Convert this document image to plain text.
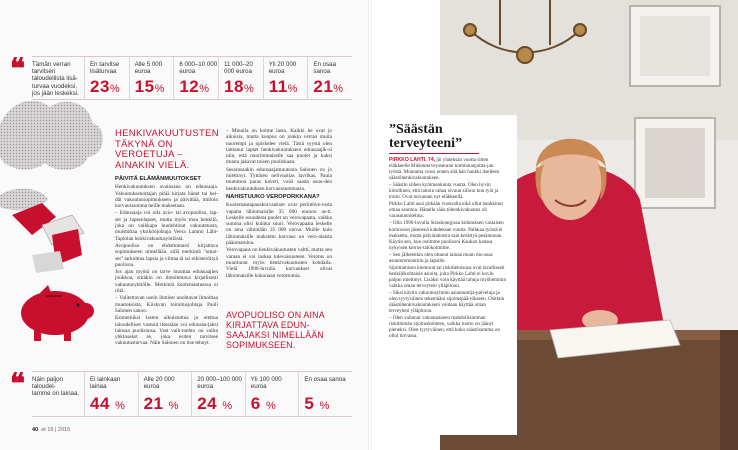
❝ Tämän verran
tarvitsen
taloudellista lisä-
turvaa vuodeksi,
jos jään leskeksi.
En tarvitse lisäturvaa
23%
Alle 5 000 euroa
15%
6 000–10 000 euroa
12%
11 000–20 000 euroa
18%
Yli 20 000 euroa
11%
En osaa sanoa
21%
HENKIVAKUUTUSTEN TÄKYNÄ ON VEROETUJA – AINAKIN VIELÄ.
PÄIVITÄ ELÄMÄNMUUTOKSET

Henkivakuutuksen avainsana on edunsaaja. Vakuutuksenottajan pitää kirjata hänet tai hei-dät vakuutussopimukseen ja päivittää, milloin korvaussumma heille maksetaan.

– Edunsaaja voi olla avio- tai avopuoliso, lap-set ja lapsenlapset, mutta myös muu henkilö, joka on vaikkapa huolehtinut vakuutetusta, muistuttaa yksikönjohtaja Veera Lammi Lähi-Tapiolan henkivakuutusyhtiöstä.

Avopuoliso on ehdottomasti kirjattava sopimukseen nimellään, sillä merkintä "omai-set" tarkoittaa lapsia ja viittaa tä tai rekisteröityä puolisoa.

Jos ajan myötä on tarve muuttaa edunsaajien joukkoa, siitäkin on ilmoitettava kirjallisesti vakuutusyhtiölle. Merkintä kuolemantuessa ei riitä.

– Valitettavan usein ihmiset unohtavat ilmoittaa muutoksista, Kiiskvan toimitusjohtaja Pauli Salonen sanoo.

Esimerkiksi lasten aikuistuttua ja otettua taloudelliset vastuut itsestään voi edunsaa-jaksi lainsaa puolisonsa. Vast vaih-toehto on valita yhkinsekst se, joka esiten tarvitsee vakuutusturvaa. Näin Salonen on itse tehnyt.

– Minulla on kolme lasta. Kaikki he ovat jo aikuisia, mutta kuopus on jonkin verran muita nuorempi ja opiskelee vielä. Tästä syystä olen laittanut lapset henkivakuutukseni edunsaajik-si niin, että nuorimmaiselle saa puolet ja kaksi muuta jakavat toisen puoliskaan.

Sesarusaakin edunsaajamuutosta Salonen on jo miettinyt. Tyttären nelivuotias lavrikas, Paula mummon paras kaveri, voisi saada osuu-den henkivakuutuksen korvaussummasta.

NAHISTUUKO VEROPORKKANA?

Kuolemantapauskorvaukset ovat perintöve-rosta vapaita lähiomaisille 35 000 euroon as-ti. Leskelle osuudesta puolet on verovapaata, vaikka summa olisi kuinka suuri. Verovapaata leskelle on aina vähintään 35 000 euroa. Muille kuin lähiomaisille maksettu korvaus on vero-alaista pääomatuloa.

Verovapaus on henkivakuutusten valtti, mutta sen varaan ei voi laskea tulevaisuuteen. Verotus on muuttunut myös henkivakuutusten kohdalla. Vielä 1990-luvulla korvaukset olivat lähiomaisille kokonaan verottomia.

AVOPUOLISO ON AINA KIRJATTAVA EDUN-SAAJAKSI NIMELLÄÄN SOPIMUKSEEN.
❝ Näin paljon
taloudel-
lamme on lainaa.
Ei lainkaan lainaa
44 %
Alle 20 000 euroa
21 %
20 000–100 000 euroa
24 %
Yli 100 000 euroa
6 %
En osaa sanoa
5 %
40 et 16 | 2015
”Säästän terveyteeni”

PIRKKO LAHTI, 74, jäi yhdeksän vuotta sitten eläkkeelle Mielenterveysseuran toiminnanjohta-jan työstä. Muutama vuosi ennen sitä hän hankki itselleen säästöhenkivakuutuksen.

– Säästin siihen kymmenkunta vuotta. Olen hyvin kiitollinen, että laitoin rahaa sivuun silloin kun työt ja toimi. Ovat turvanani nyt eläkkeellä.

Pirkko Lahti asui pitkään vuokralla eikä ollut hankkinut omaa asuntoa. Hänelle sääs-töhenkivakuutus oli varasuunnitelma.

– Olin 1990-luvulla Strasbourgissa kidutuksen vastaisen komission jäsenenä kahdeksan vuotta. Palkkaa työstä ei maksettu, mutta päivärahoista sain kerättyä pesämunan. Käytin sen, kun ostimme puolisoni Kaukon kanssa nykyisen kerros-talokotimme.

– Sen jälkeenkin olen ottanut lainaa muun mu-assa asuntoremonttiin ja lapsille.

Sijoittamisen kiemurat tai riskitietoisuus ovat tavallisesti henkilökohtaisia asioita, joita Pirkko Lahti ei kovin paljon miettinyt. Lisäksi voin käyttää rahoja myöhemmin vaikka oman terveyteni ylläpitoon.

– Siksi käytin vakuutusyhtiön asiantuntija-palveluja ja olen tyytyväinen tekemääni sijoituspää-tökseen. Osittain säästöhenkivakuutukseni voidaan käyttää oman terveyteni ylläpitoon.

– Olen valinnut vakuutukseen mahdollisimman riskittömän sijoituskohteen, vaikka tuotto on jäänyt pieneksi. Olen tyytyväinen, että koko säästösumma on ollut turvassa.
